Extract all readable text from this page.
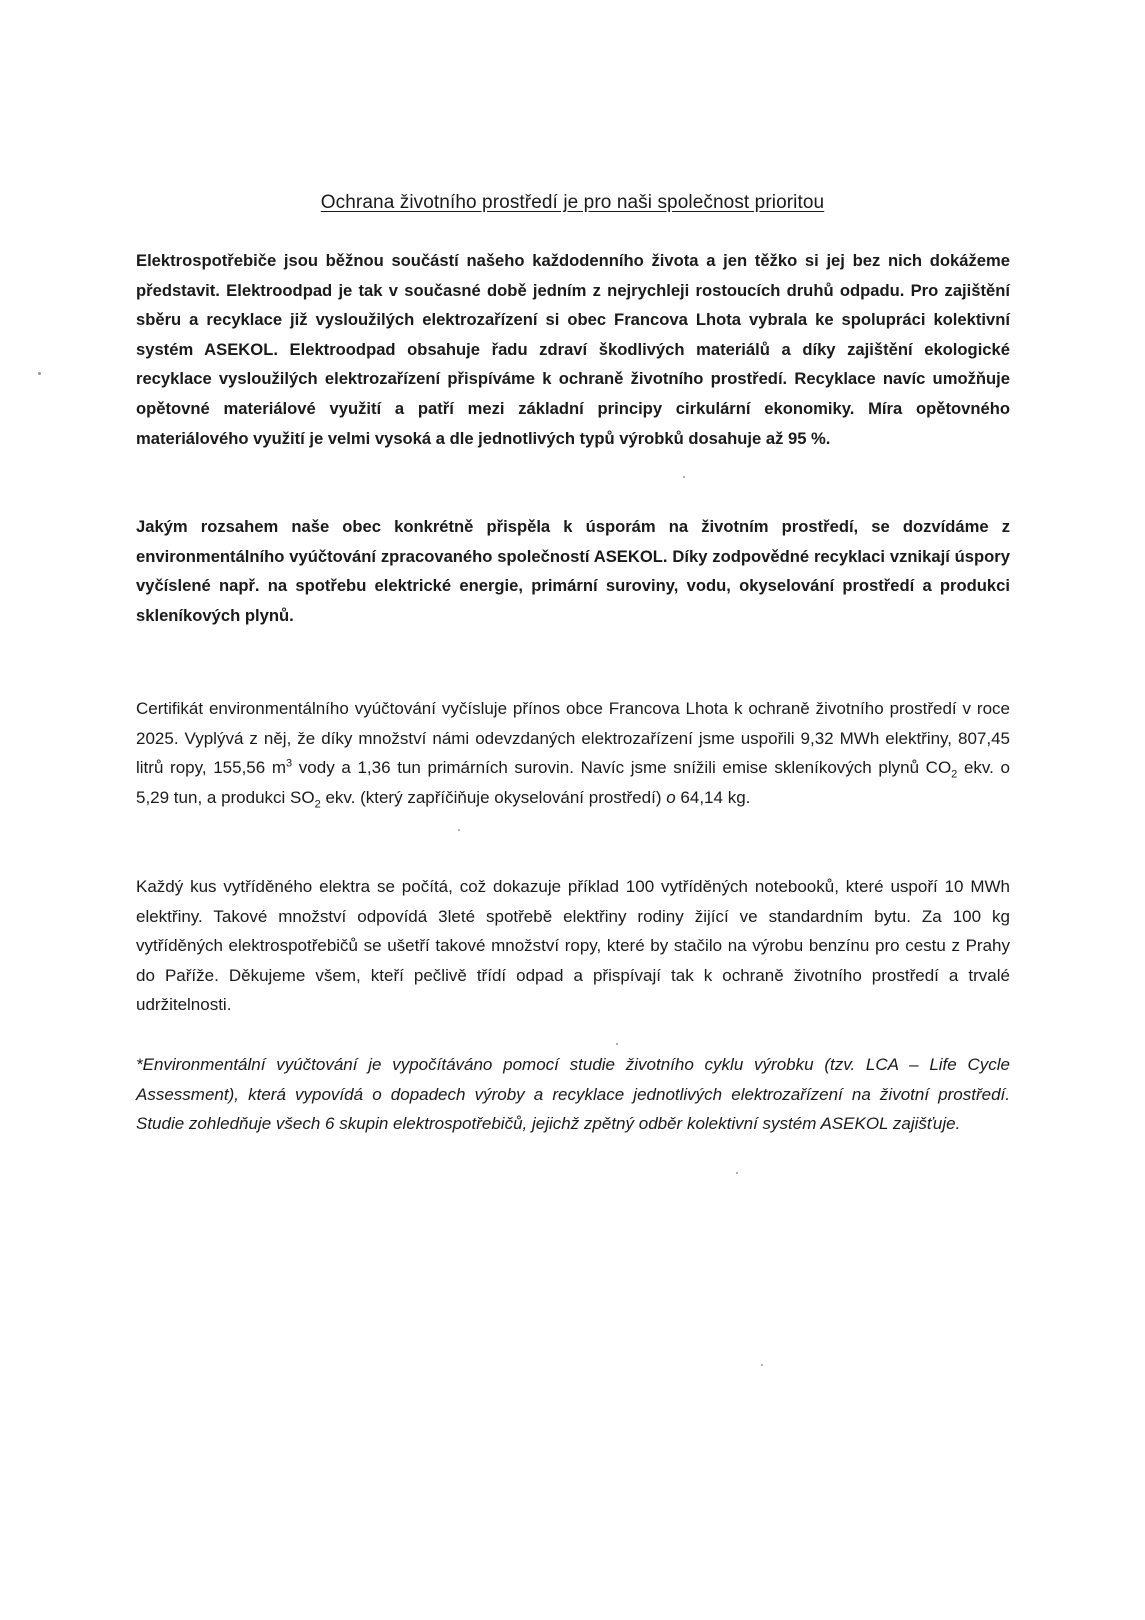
Ochrana životního prostředí je pro naši společnost prioritou

Elektrospotřebiče jsou běžnou součástí našeho každodenního života a jen těžko si jej bez nich dokážeme představit. Elektroodpad je tak v současné době jedním z nejrychleji rostoucích druhů odpadu. Pro zajištění sběru a recyklace již vysloužilých elektrozařízení si obec Francova Lhota vybrala ke spolupráci kolektivní systém ASEKOL. Elektroodpad obsahuje řadu zdraví škodlivých materiálů a díky zajištění ekologické recyklace vysloužilých elektrozařízení přispíváme k ochraně životního prostředí. Recyklace navíc umožňuje opětovné materiálové využití a patří mezi základní principy cirkulární ekonomiky. Míra opětovného materiálového využití je velmi vysoká a dle jednotlivých typů výrobků dosahuje až 95 %.

Jakým rozsahem naše obec konkrétně přispěla k úsporám na životním prostředí, se dozvídáme z environmentálního vyúčtování zpracovaného společností ASEKOL. Díky zodpovědné recyklaci vznikají úspory vyčíslené např. na spotřebu elektrické energie, primární suroviny, vodu, okyselování prostředí a produkci skleníkových plynů.

Certifikát environmentálního vyúčtování vyčísluje přínos obce Francova Lhota k ochraně životního prostředí v roce 2025. Vyplývá z něj, že díky množství námi odevzdaných elektrozařízení jsme uspořili 9,32 MWh elektřiny, 807,45 litrů ropy, 155,56 $m^3$ vody a 1,36 tun primárních surovin. Navíc jsme snížili emise skleníkových plynů $CO_2$ ekv. o 5,29 tun, a produkci $SO_2$ ekv. (který zapříčiňuje okyselování prostředí) o 64,14 kg.

Každý kus vytříděného elektra se počítá, což dokazuje příklad 100 vytříděných notebooků, které uspoří 10 MWh elektřiny. Takové množství odpovídá 3leté spotřebě elektřiny rodiny žijící ve standardním bytu. Za 100 kg vytříděných elektrospotřebičů se ušetří takové množství ropy, které by stačilo na výrobu benzínu pro cestu z Prahy do Paříže. Děkujeme všem, kteří pečlivě třídí odpad a přispívají tak k ochraně životního prostředí a trvalé udržitelnosti.

*Environmentální vyúčtování je vypočítáváno pomocí studie životního cyklu výrobku (tzv. LCA – Life Cycle Assessment), která vypovídá o dopadech výroby a recyklace jednotlivých elektrozařízení na životní prostředí. Studie zohledňuje všech 6 skupin elektrospotřebičů, jejichž zpětný odběr kolektivní systém ASEKOL zajišťuje.
